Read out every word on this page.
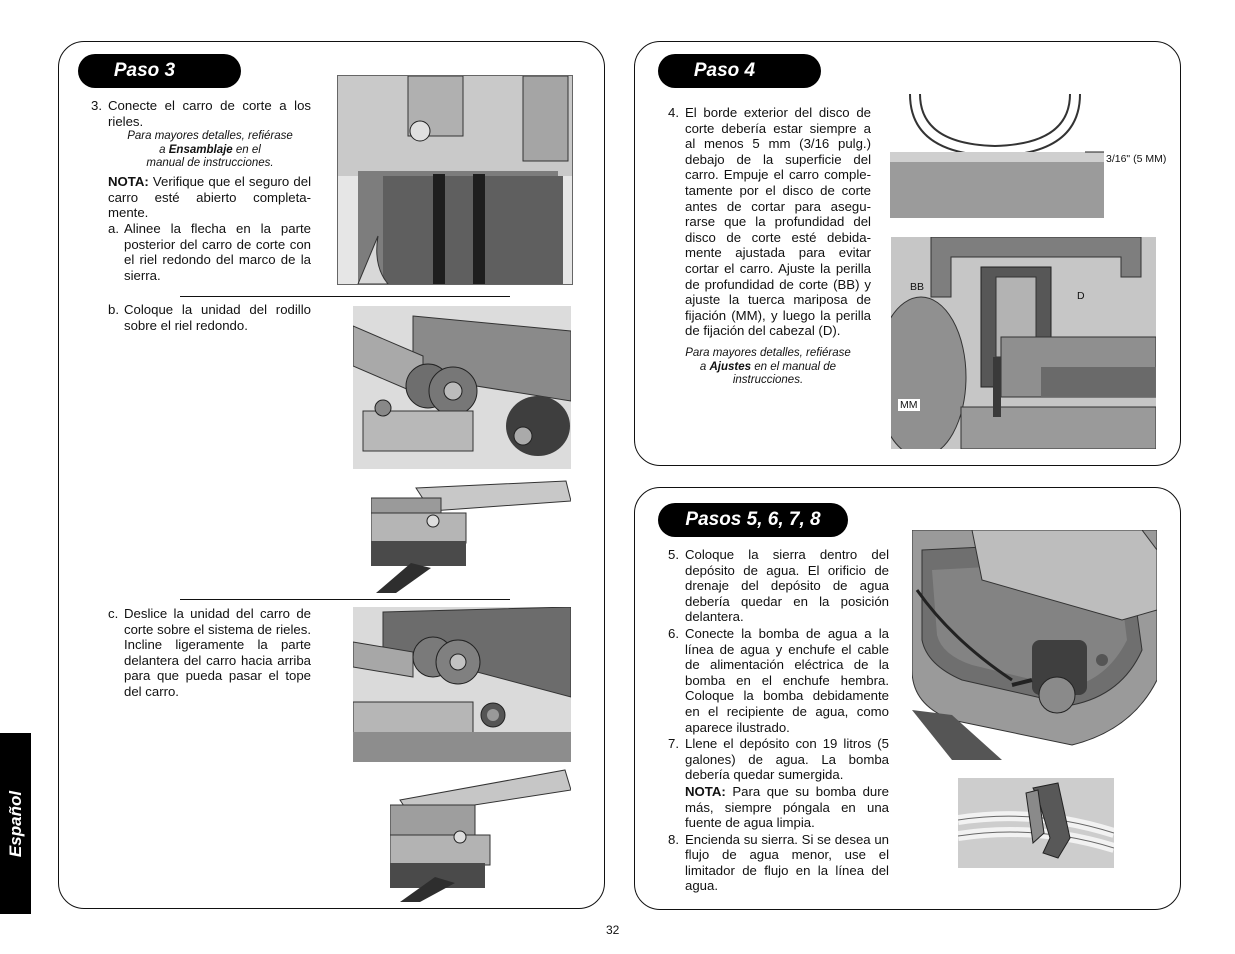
Paso 3
3. Conecte el carro de corte a los rieles.

Para mayores detalles, refiérase

a Ensamblaje en el

manual de instrucciones.

NOTA: Verifique que el seguro del carro esté abierto completa-mente.
a. Alinee la flecha en la parte posterior del carro de corte con el riel redondo del marco de la sierra.
b. Coloque la unidad del rodillo sobre el riel redondo.
c. Deslice la unidad del carro de corte sobre el sistema de rieles. Incline ligeramente la parte delantera del carro hacia arriba para que pueda pasar el tope del carro.
Paso 4
4. El borde exterior del disco de corte debería estar siempre a al menos 5 mm (3/16 pulg.) debajo de la superficie del carro. Empuje el carro comple-tamente por el disco de corte antes de cortar para asegu-rarse que la profundidad del disco de corte esté debida-mente ajustada para evitar cortar el carro. Ajuste la perilla de profundidad de corte (BB) y ajuste la tuerca mariposa de fijación (MM), y luego la perilla de fijación del cabezal (D).

Para mayores detalles, refiérase

a Ajustes en el manual de

instrucciones.

3/16" (5 MM)
BB
D
MM
Pasos 5, 6, 7, 8
5. Coloque la sierra dentro del depósito de agua. El orificio de drenaje del depósito de agua debería quedar en la posición delantera.
6. Conecte la bomba de agua a la línea de agua y enchufe el cable de alimentación eléctrica de la bomba en el enchufe hembra. Coloque la bomba debidamente en el recipiente de agua, como aparece ilustrado.
7. Llene el depósito con 19 litros (5 galones) de agua. La bomba debería quedar sumergida.
NOTA: Para que su bomba dure más, siempre póngala en una fuente de agua limpia.
8. Encienda su sierra. Si se desea un flujo de agua menor, use el limitador de flujo en la línea del agua.
Español
32
